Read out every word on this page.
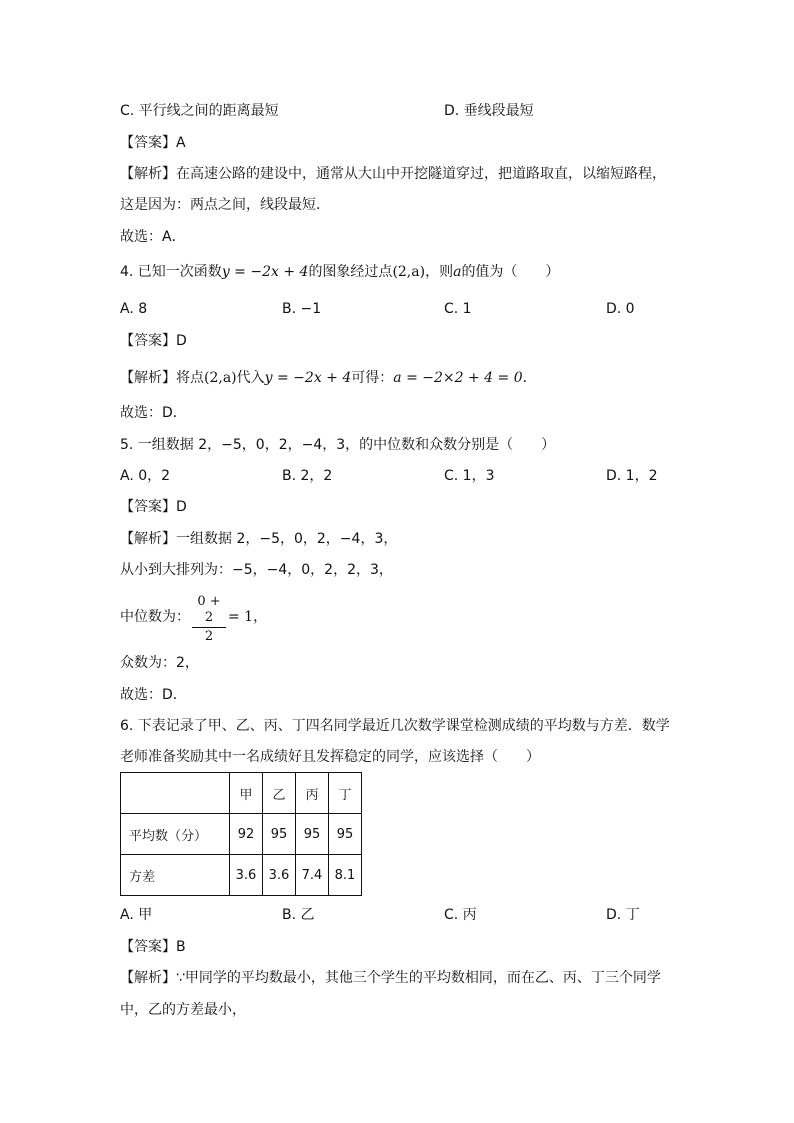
C. 平行线之间的距离最短	D. 垂线段最短
【答案】A
【解析】在高速公路的建设中，通常从大山中开挖隧道穿过，把道路取直，以缩短路程，
这是因为：两点之间，线段最短．
故选：A．
4. 已知一次函数y = −2x + 4的图象经过点(2,a)，则a的值为（　　）
A. 8	B. −1	C. 1	D. 0
【答案】D
【解析】将点(2,a)代入y = −2x + 4可得：a = −2×2 + 4 = 0．
故选：D．
5. 一组数据 2，−5，0，2，−4，3，的中位数和众数分别是（　　）
A. 0，2	B. 2，2	C. 1，3	D. 1，2
【答案】D
【解析】一组数据 2，−5，0，2，−4，3，
从小到大排列为：−5，−4，0，2，2，3，
中位数为：
0 + 2
2
= 1，
众数为：2，
故选：D．
6. 下表记录了甲、乙、丙、丁四名同学最近几次数学课堂检测成绩的平均数与方差．数学
老师准备奖励其中一名成绩好且发挥稳定的同学，应该选择（　　）
	甲	乙	丙	丁
平均数（分）	92	95	95	95
方差	3.6	3.6	7.4	8.1
A. 甲	B. 乙	C. 丙	D. 丁
【答案】B
【解析】∵甲同学的平均数最小，其他三个学生的平均数相同，而在乙、丙、丁三个同学
中，乙的方差最小，
